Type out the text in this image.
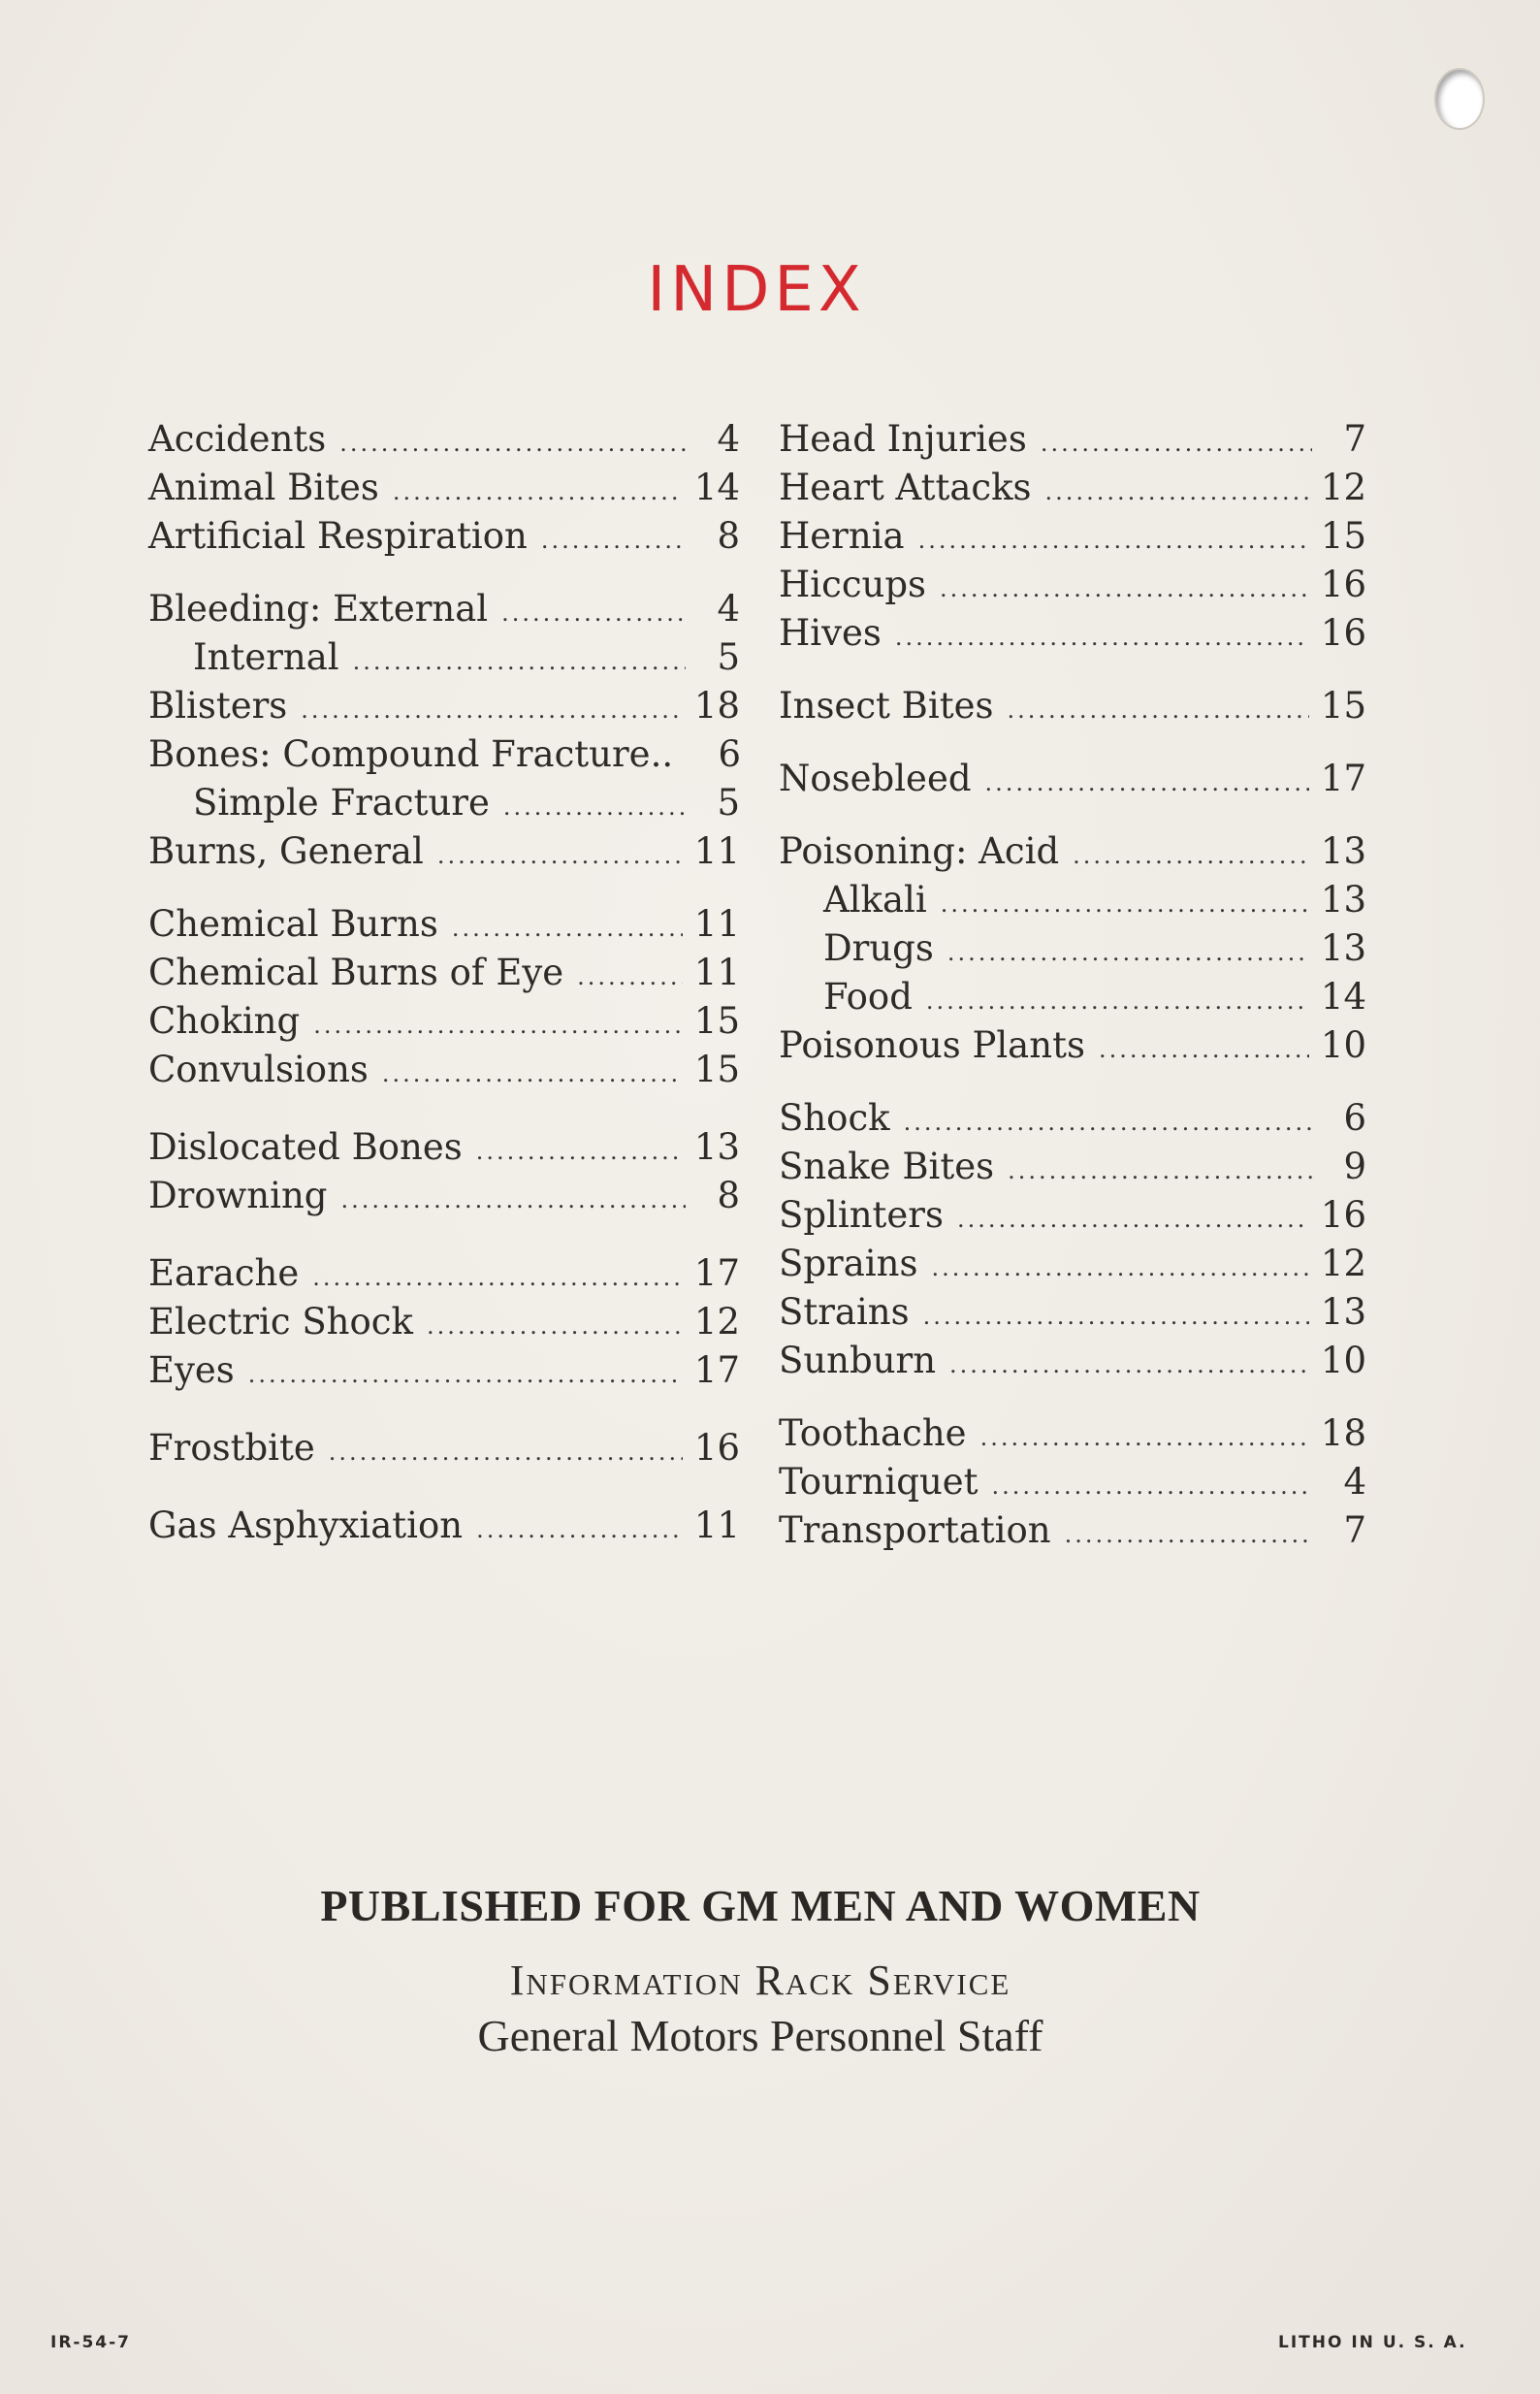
INDEX
Accidents .....	4
Animal Bites .....	14
Artificial Respiration .....	8
Bleeding: External .....	4
Internal .....	5
Blisters .....	18
Bones: Compound Fracture..	6
Simple Fracture .....	5
Burns, General .....	11
Chemical Burns .....	11
Chemical Burns of Eye .....	11
Choking .....	15
Convulsions .....	15
Dislocated Bones .....	13
Drowning .....	8
Earache .....	17
Electric Shock .....	12
Eyes .....	17
Frostbite .....	16
Gas Asphyxiation .....	11
Head Injuries .....	7
Heart Attacks .....	12
Hernia .....	15
Hiccups .....	16
Hives .....	16
Insect Bites .....	15
Nosebleed .....	17
Poisoning: Acid .....	13
Alkali .....	13
Drugs .....	13
Food .....	14
Poisonous Plants .....	10
Shock .....	6
Snake Bites .....	9
Splinters .....	16
Sprains .....	12
Strains .....	13
Sunburn .....	10
Toothache .....	18
Tourniquet .....	4
Transportation .....	7
PUBLISHED FOR GM MEN AND WOMEN
Information Rack Service
General Motors Personnel Staff
IR-54-7	LITHO IN U. S. A.
